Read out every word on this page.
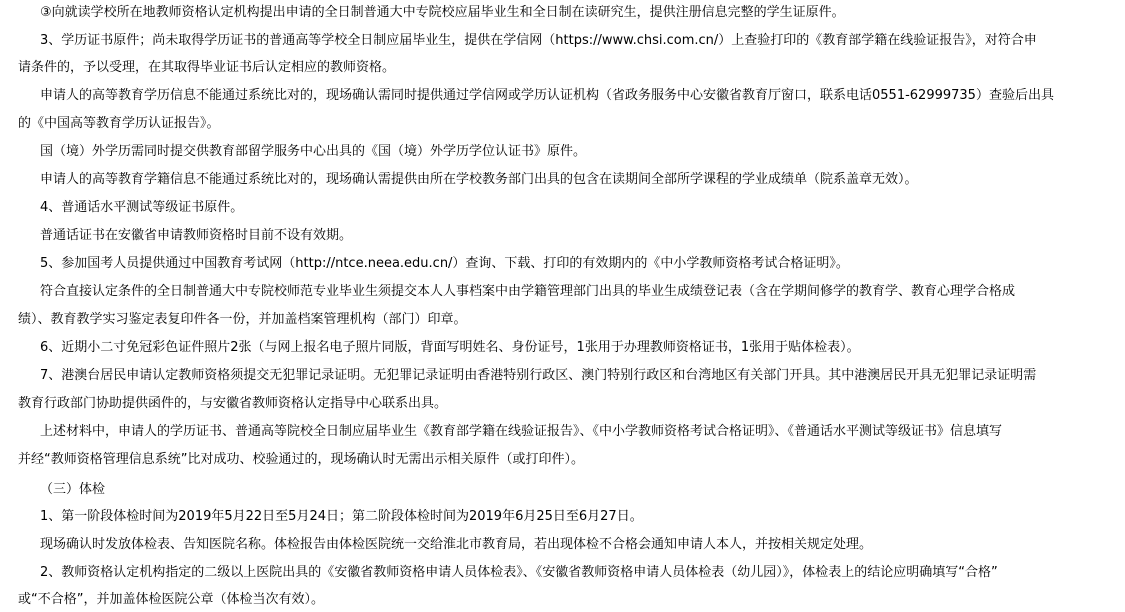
③向就读学校所在地教师资格认定机构提出申请的全日制普通大中专院校应届毕业生和全日制在读研究生，提供注册信息完整的学生证原件。
3、学历证书原件；尚未取得学历证书的普通高等学校全日制应届毕业生，提供在学信网（https://www.chsi.com.cn/）上查验打印的《教育部学籍在线验证报告》，对符合申
请条件的，予以受理，在其取得毕业证书后认定相应的教师资格。
申请人的高等教育学历信息不能通过系统比对的，现场确认需同时提供通过学信网或学历认证机构（省政务服务中心安徽省教育厅窗口，联系电话0551-62999735）查验后出具
的《中国高等教育学历认证报告》。
国（境）外学历需同时提交供教育部留学服务中心出具的《国（境）外学历学位认证书》原件。
申请人的高等教育学籍信息不能通过系统比对的，现场确认需提供由所在学校教务部门出具的包含在读期间全部所学课程的学业成绩单（院系盖章无效）。
4、普通话水平测试等级证书原件。
普通话证书在安徽省申请教师资格时目前不设有效期。
5、参加国考人员提供通过中国教育考试网（http://ntce.neea.edu.cn/）查询、下载、打印的有效期内的《中小学教师资格考试合格证明》。
符合直接认定条件的全日制普通大中专院校师范专业毕业生须提交本人人事档案中由学籍管理部门出具的毕业生成绩登记表（含在学期间修学的教育学、教育心理学合格成
绩）、教育教学实习鉴定表复印件各一份，并加盖档案管理机构（部门）印章。
6、近期小二寸免冠彩色证件照片2张（与网上报名电子照片同版，背面写明姓名、身份证号，1张用于办理教师资格证书，1张用于贴体检表）。
7、港澳台居民申请认定教师资格须提交无犯罪记录证明。无犯罪记录证明由香港特别行政区、澳门特别行政区和台湾地区有关部门开具。其中港澳居民开具无犯罪记录证明需
教育行政部门协助提供函件的，与安徽省教师资格认定指导中心联系出具。
上述材料中，申请人的学历证书、普通高等院校全日制应届毕业生《教育部学籍在线验证报告》、《中小学教师资格考试合格证明》、《普通话水平测试等级证书》信息填写
并经“教师资格管理信息系统”比对成功、校验通过的，现场确认时无需出示相关原件（或打印件）。
（三）体检
1、第一阶段体检时间为2019年5月22日至5月24日；第二阶段体检时间为2019年6月25日至6月27日。
现场确认时发放体检表、告知医院名称。体检报告由体检医院统一交给淮北市教育局，若出现体检不合格会通知申请人本人，并按相关规定处理。
2、教师资格认定机构指定的二级以上医院出具的《安徽省教师资格申请人员体检表》、《安徽省教师资格申请人员体检表（幼儿园）》，体检表上的结论应明确填写“合格”
或“不合格”，并加盖体检医院公章（体检当次有效）。
